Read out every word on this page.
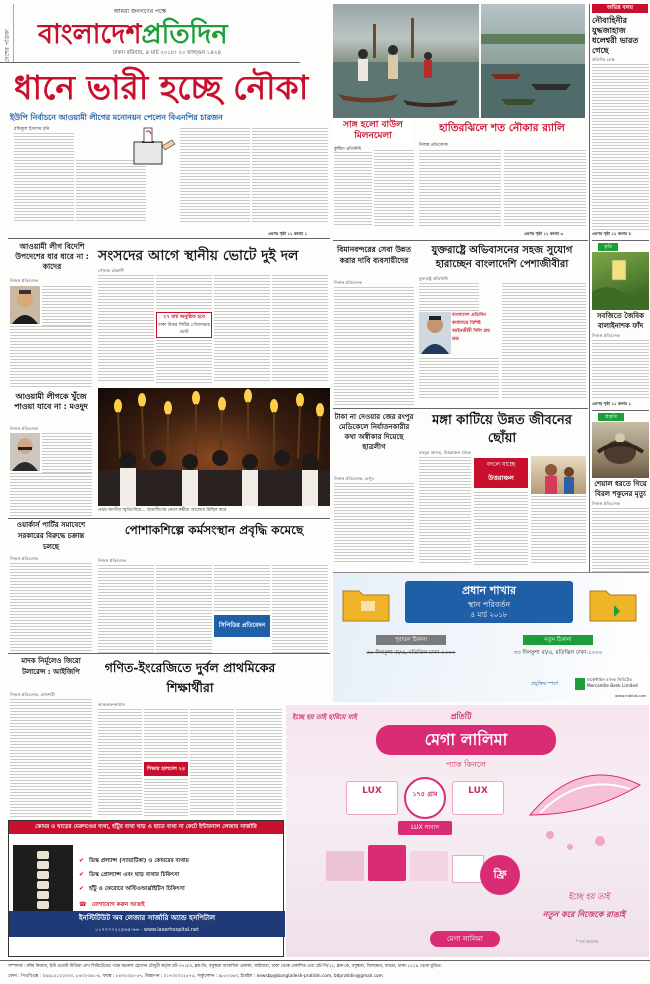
দেশের পত্রিকা
আমরা জনগণের পক্ষে
বাংলাদেশপ্রতিদিন
ঢাকা। রবিবার, ৪ মার্চ ২০১৮। ২০ ফাল্গুন ১৪২৪
ধানে ভারী হচ্ছে নৌকা
ইউপি নির্বাচনে আওয়ামী লীগের মনোনয়ন পেলেন বিএনপির চারজন
রফিকুল ইসলাম রনি
এরপর পৃষ্ঠা ১১ কলাম ১
সাঙ্গ হলো বাউল মিলনমেলা
হাতিরঝিলে শত নৌকার র‌্যালি
কুষ্টিয়া প্রতিনিধি
নিজস্ব প্রতিবেদক
এরপর পৃষ্ঠা ১১ কলাম ৩
অভিন্ন বলয়
নৌবাহিনীর যুদ্ধজাহাজ ধলেশ্বরী ভারত গেছে
প্রতিদিন ডেস্ক
এরপর পৃষ্ঠা ১১ কলাম ৫
কৃষি
সবজিতে জৈবিক বালাইনাশক ফাঁদ
নিজস্ব প্রতিবেদক
এরপর পৃষ্ঠা ১১ কলাম ২
প্রকৃতি
শেয়াল ধরতে গিয়ে বিরল শকুনের মৃত্যু
নিজস্ব প্রতিবেদক
আওয়ামী লীগ বিদেশি উপদেশের ধার ধারে না : কাদের
নিজস্ব প্রতিবেদক
সংসদের আগে স্থানীয় ভোটে দুই দল
গোলাম রাব্বানী
২৭ মার্চ অনুষ্ঠিত হবে
ঢাকা উত্তর সিটির পৌরসভার ভোট
বিমানবন্দরের সেবা উন্নত করার দাবি ব্যবসায়ীদের
নিজস্ব প্রতিবেদক
যুক্তরাষ্ট্রে অভিবাসনের সহজ সুযোগ হারাচ্ছেন বাংলাদেশি পেশাজীবীরা
যুক্তরাষ্ট্র প্রতিনিধি
বাংলাদেশ প্রতিদিন কার্যালয়ে বিশিষ্ট আইনজীবী দিলি রায় ডন্ড
টাকা না দেওয়ার জের রংপুর মেডিকেলে নির্যাতনকারীর কথা অস্বীকার দিয়েছে ছাত্রলীগ
নিজস্ব প্রতিবেদক, রংপুর
মঙ্গা কাটিয়ে উন্নত জীবনের ছোঁয়া
মাহবুব আলম, উত্তরাঞ্চল থেকে
বদলে যাচ্ছে
উত্তরাঞ্চল
আওয়ামী লীগকে খুঁজে পাওয়া যাবে না : মওদুদ
নিজস্ব প্রতিবেদক
প্রথম জাতীয় স্মৃতিসৌধে... ছাত্রলীগের নেতা-কর্মীরা আলোর মিছিল করে
ওয়ার্কার্স পার্টির সমাবেশে সরকারের বিরুদ্ধে চক্রান্ত চলছে
নিজস্ব প্রতিবেদক
পোশাকশিল্পে কর্মসংস্থান প্রবৃদ্ধি কমেছে
নিজস্ব প্রতিবেদক
সিপিডির প্রতিবেদন
প্রধান শাখার
স্থান পরিবর্তন
৪ মার্চ ২০১৮
পুরাতন ঠিকানা
৬১ দিলকুশা বা/এ, মতিঝিল ঢাকা-১০০০
নতুন ঠিকানা
৩৩ দিলকুশা বা/এ, মতিঝিল ঢাকা-১০০০
প্রযুক্তির স্পর্শে
মার্কেন্টাইল ব্যাংক লিমিটেড
Mercantile Bank Limited
www.mblbd.com
মাদক নির্মূলেও জিরো টলারেন্স : আইজিপি
নিজস্ব প্রতিবেদক, রাজশাহী
গণিত-ইংরেজিতে দুর্বল প্রাথমিকের শিক্ষার্থীরা
আকতারুজ্জামান
শিক্ষার হালচাল ২৪
ইচ্ছে হয় তাই হারিয়ে যাই	প্রতিটি
মেগা লালিমা
প্যাক কিনলে
LUX	১৭৫ গ্রাম	LUX
LUX সাবান
ফ্রি
ইচ্ছে হয় তাই
নতুন করে নিজেকে রাঙাই
মেগা লালিমা	* শর্ত প্রযোজ্য
কোমর ও ঘাড়ের মেরুদণ্ডের ব্যথা, হাঁটুর ব্যথা ঘাড় ও হাতে ব্যথা না কেটে ইন্টারনাল লেজার সার্জারি
✔ ডিস্ক প্রল্যাপ্স (স্যায়াটিকা) ও কোমরের ব্যথায়
✔ ডিস্ক প্রোল্যাপ্স এবং ঘাড় ব্যথার চিকিৎসা
✔ হাঁটু ও ফেরোরে অস্টিওআর্থ্রাইটিস চিকিৎসা
☎ যোগাযোগ করুন আজই
ইনস্টিটিউট অব লেজার সার্জারি অ্যান্ড হসপিটাল
০১৭৭৭৭২২৫৬৫-৬৬ · www.laserhospital.net
সম্পাদক : নঈম নিজাম, ইস্ট ওয়েস্ট মিডিয়া গ্রুপ লিমিটেডের পক্ষে ময়নাল হোসেন চৌধুরী কর্তৃক প্লট-৩৭১/এ, ব্লক-ডি, বসুন্ধরা আবাসিক এলাকা, বারিধারা, ঢাকা থেকে প্রকাশিত এবং প্লট-সি/৫২, ব্লক-কে, বসুন্ধরা, খিলক্ষেত, বাড্ডা, ঢাকা-১২২৯ থেকে মুদ্রিত।
ফোন : পিএবিএক্স : ০৯৬১২১২০০০০, ৮৪৩২৩৬১-৪, ফ্যাক্স : ৮৪৩২৩৫৫-৫৭, বিজ্ঞাপন : ০১৭৩০০২২৫৭৫, সার্কুলেশন : ৯৮৫২৩৬৩, ইমেইল : newsbp@bangladesh-pratidin.com, bdpratidin@gmail.com
